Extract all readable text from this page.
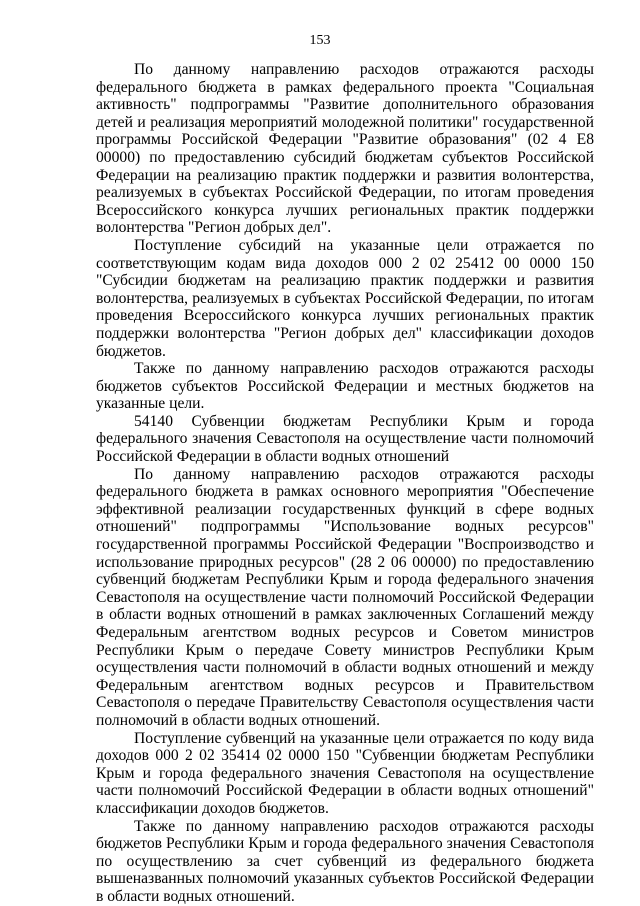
153

По данному направлению расходов отражаются расходы федерального бюджета в рамках федерального проекта "Социальная активность" подпрограммы "Развитие дополнительного образования детей и реализация мероприятий молодежной политики" государственной программы Российской Федерации "Развитие образования" (02 4 Е8 00000) по предоставлению субсидий бюджетам субъектов Российской Федерации на реализацию практик поддержки и развития волонтерства, реализуемых в субъектах Российской Федерации, по итогам проведения Всероссийского конкурса лучших региональных практик поддержки волонтерства "Регион добрых дел".

Поступление субсидий на указанные цели отражается по соответствующим кодам вида доходов 000 2 02 25412 00 0000 150 "Субсидии бюджетам на реализацию практик поддержки и развития волонтерства, реализуемых в субъектах Российской Федерации, по итогам проведения Всероссийского конкурса лучших региональных практик поддержки волонтерства "Регион добрых дел" классификации доходов бюджетов.

Также по данному направлению расходов отражаются расходы бюджетов субъектов Российской Федерации и местных бюджетов на указанные цели.

54140 Субвенции бюджетам Республики Крым и города федерального значения Севастополя на осуществление части полномочий Российской Федерации в области водных отношений

По данному направлению расходов отражаются расходы федерального бюджета в рамках основного мероприятия "Обеспечение эффективной реализации государственных функций в сфере водных отношений" подпрограммы "Использование водных ресурсов" государственной программы Российской Федерации "Воспроизводство и использование природных ресурсов" (28 2 06 00000) по предоставлению субвенций бюджетам Республики Крым и города федерального значения Севастополя на осуществление части полномочий Российской Федерации в области водных отношений в рамках заключенных Соглашений между Федеральным агентством водных ресурсов и Советом министров Республики Крым о передаче Совету министров Республики Крым осуществления части полномочий в области водных отношений и между Федеральным агентством водных ресурсов и Правительством Севастополя о передаче Правительству Севастополя осуществления части полномочий в области водных отношений.

Поступление субвенций на указанные цели отражается по коду вида доходов 000 2 02 35414 02 0000 150 "Субвенции бюджетам Республики Крым и города федерального значения Севастополя на осуществление части полномочий Российской Федерации в области водных отношений" классификации доходов бюджетов.

Также по данному направлению расходов отражаются расходы бюджетов Республики Крым и города федерального значения Севастополя по осуществлению за счет субвенций из федерального бюджета вышеназванных полномочий указанных субъектов Российской Федерации в области водных отношений.
